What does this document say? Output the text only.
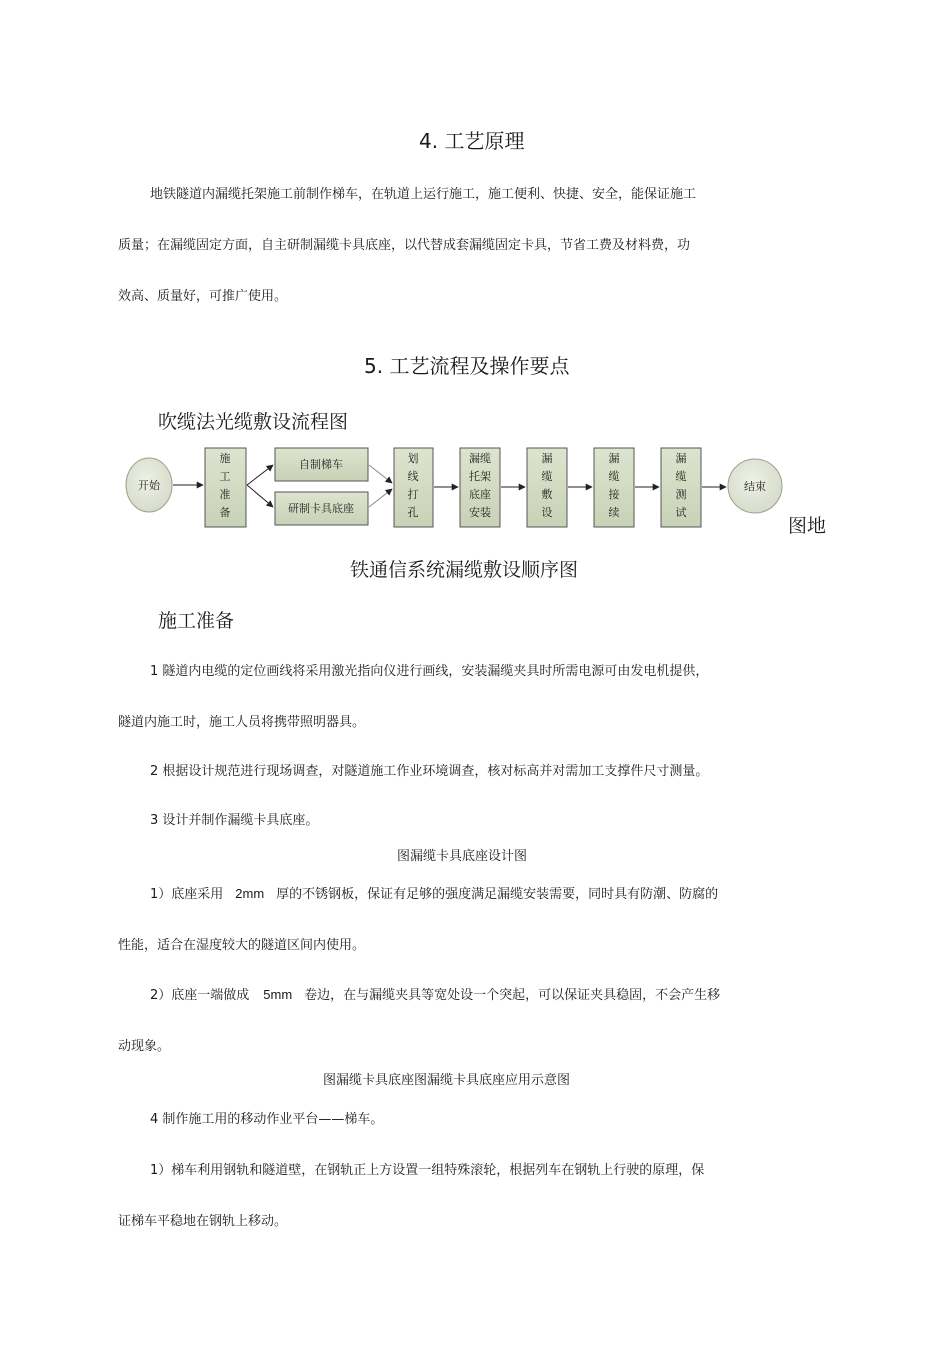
4. 工艺原理
地铁隧道内漏缆托架施工前制作梯车，在轨道上运行施工，施工便利、快捷、安全，能保证施工
质量；在漏缆固定方面，自主研制漏缆卡具底座，以代替成套漏缆固定卡具，节省工费及材料费，功
效高、质量好，可推广使用。
5. 工艺流程及操作要点
吹缆法光缆敷设流程图
开始
施
工
准
备
自制梯车
研制卡具底座
划
线
打
孔
漏缆
托架
底座
安装
漏
缆
敷
设
漏
缆
接
续
漏
缆
测
试
结束
图地
铁通信系统漏缆敷设顺序图
施工准备
1 隧道内电缆的定位画线将采用激光指向仪进行画线，安装漏缆夹具时所需电源可由发电机提供，
隧道内施工时，施工人员将携带照明器具。
2 根据设计规范进行现场调查，对隧道施工作业环境调查，核对标高并对需加工支撑件尺寸测量。
3 设计并制作漏缆卡具底座。
图漏缆卡具底座设计图
1）底座采用 2mm 厚的不锈钢板，保证有足够的强度满足漏缆安装需要，同时具有防潮、防腐的
性能，适合在湿度较大的隧道区间内使用。
2）底座一端做成 5mm 卷边，在与漏缆夹具等宽处设一个突起，可以保证夹具稳固，不会产生移
动现象。
图漏缆卡具底座图漏缆卡具底座应用示意图
4 制作施工用的移动作业平台——梯车。
1）梯车利用钢轨和隧道壁，在钢轨正上方设置一组特殊滚轮，根据列车在钢轨上行驶的原理，保
证梯车平稳地在钢轨上移动。
